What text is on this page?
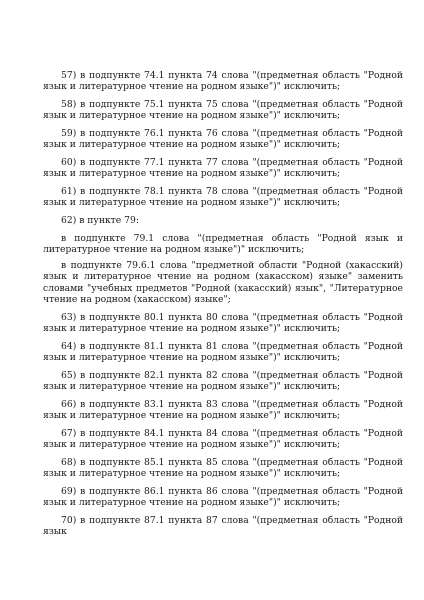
57) в подпункте 74.1 пункта 74 слова "(предметная область "Родной язык и литературное чтение на родном языке")" исключить;

58) в подпункте 75.1 пункта 75 слова "(предметная область "Родной язык и литературное чтение на родном языке")" исключить;

59) в подпункте 76.1 пункта 76 слова "(предметная область "Родной язык и литературное чтение на родном языке")" исключить;

60) в подпункте 77.1 пункта 77 слова "(предметная область "Родной язык и литературное чтение на родном языке")" исключить;

61) в подпункте 78.1 пункта 78 слова "(предметная область "Родной язык и литературное чтение на родном языке")" исключить;

62) в пункте 79:

в подпункте 79.1 слова "(предметная область "Родной язык и литературное чтение на родном языке")" исключить;

в подпункте 79.6.1 слова "предметной области "Родной (хакасский) язык и литературное чтение на родном (хакасском) языке" заменить словами "учебных предметов "Родной (хакасский) язык", "Литературное чтение на родном (хакасском) языке";

63) в подпункте 80.1 пункта 80 слова "(предметная область "Родной язык и литературное чтение на родном языке")" исключить;

64) в подпункте 81.1 пункта 81 слова "(предметная область "Родной язык и литературное чтение на родном языке")" исключить;

65) в подпункте 82.1 пункта 82 слова "(предметная область "Родной язык и литературное чтение на родном языке")" исключить;

66) в подпункте 83.1 пункта 83 слова "(предметная область "Родной язык и литературное чтение на родном языке")" исключить;

67) в подпункте 84.1 пункта 84 слова "(предметная область "Родной язык и литературное чтение на родном языке")" исключить;

68) в подпункте 85.1 пункта 85 слова "(предметная область "Родной язык и литературное чтение на родном языке")" исключить;

69) в подпункте 86.1 пункта 86 слова "(предметная область "Родной язык и литературное чтение на родном языке")" исключить;

70) в подпункте 87.1 пункта 87 слова "(предметная область "Родной язык
